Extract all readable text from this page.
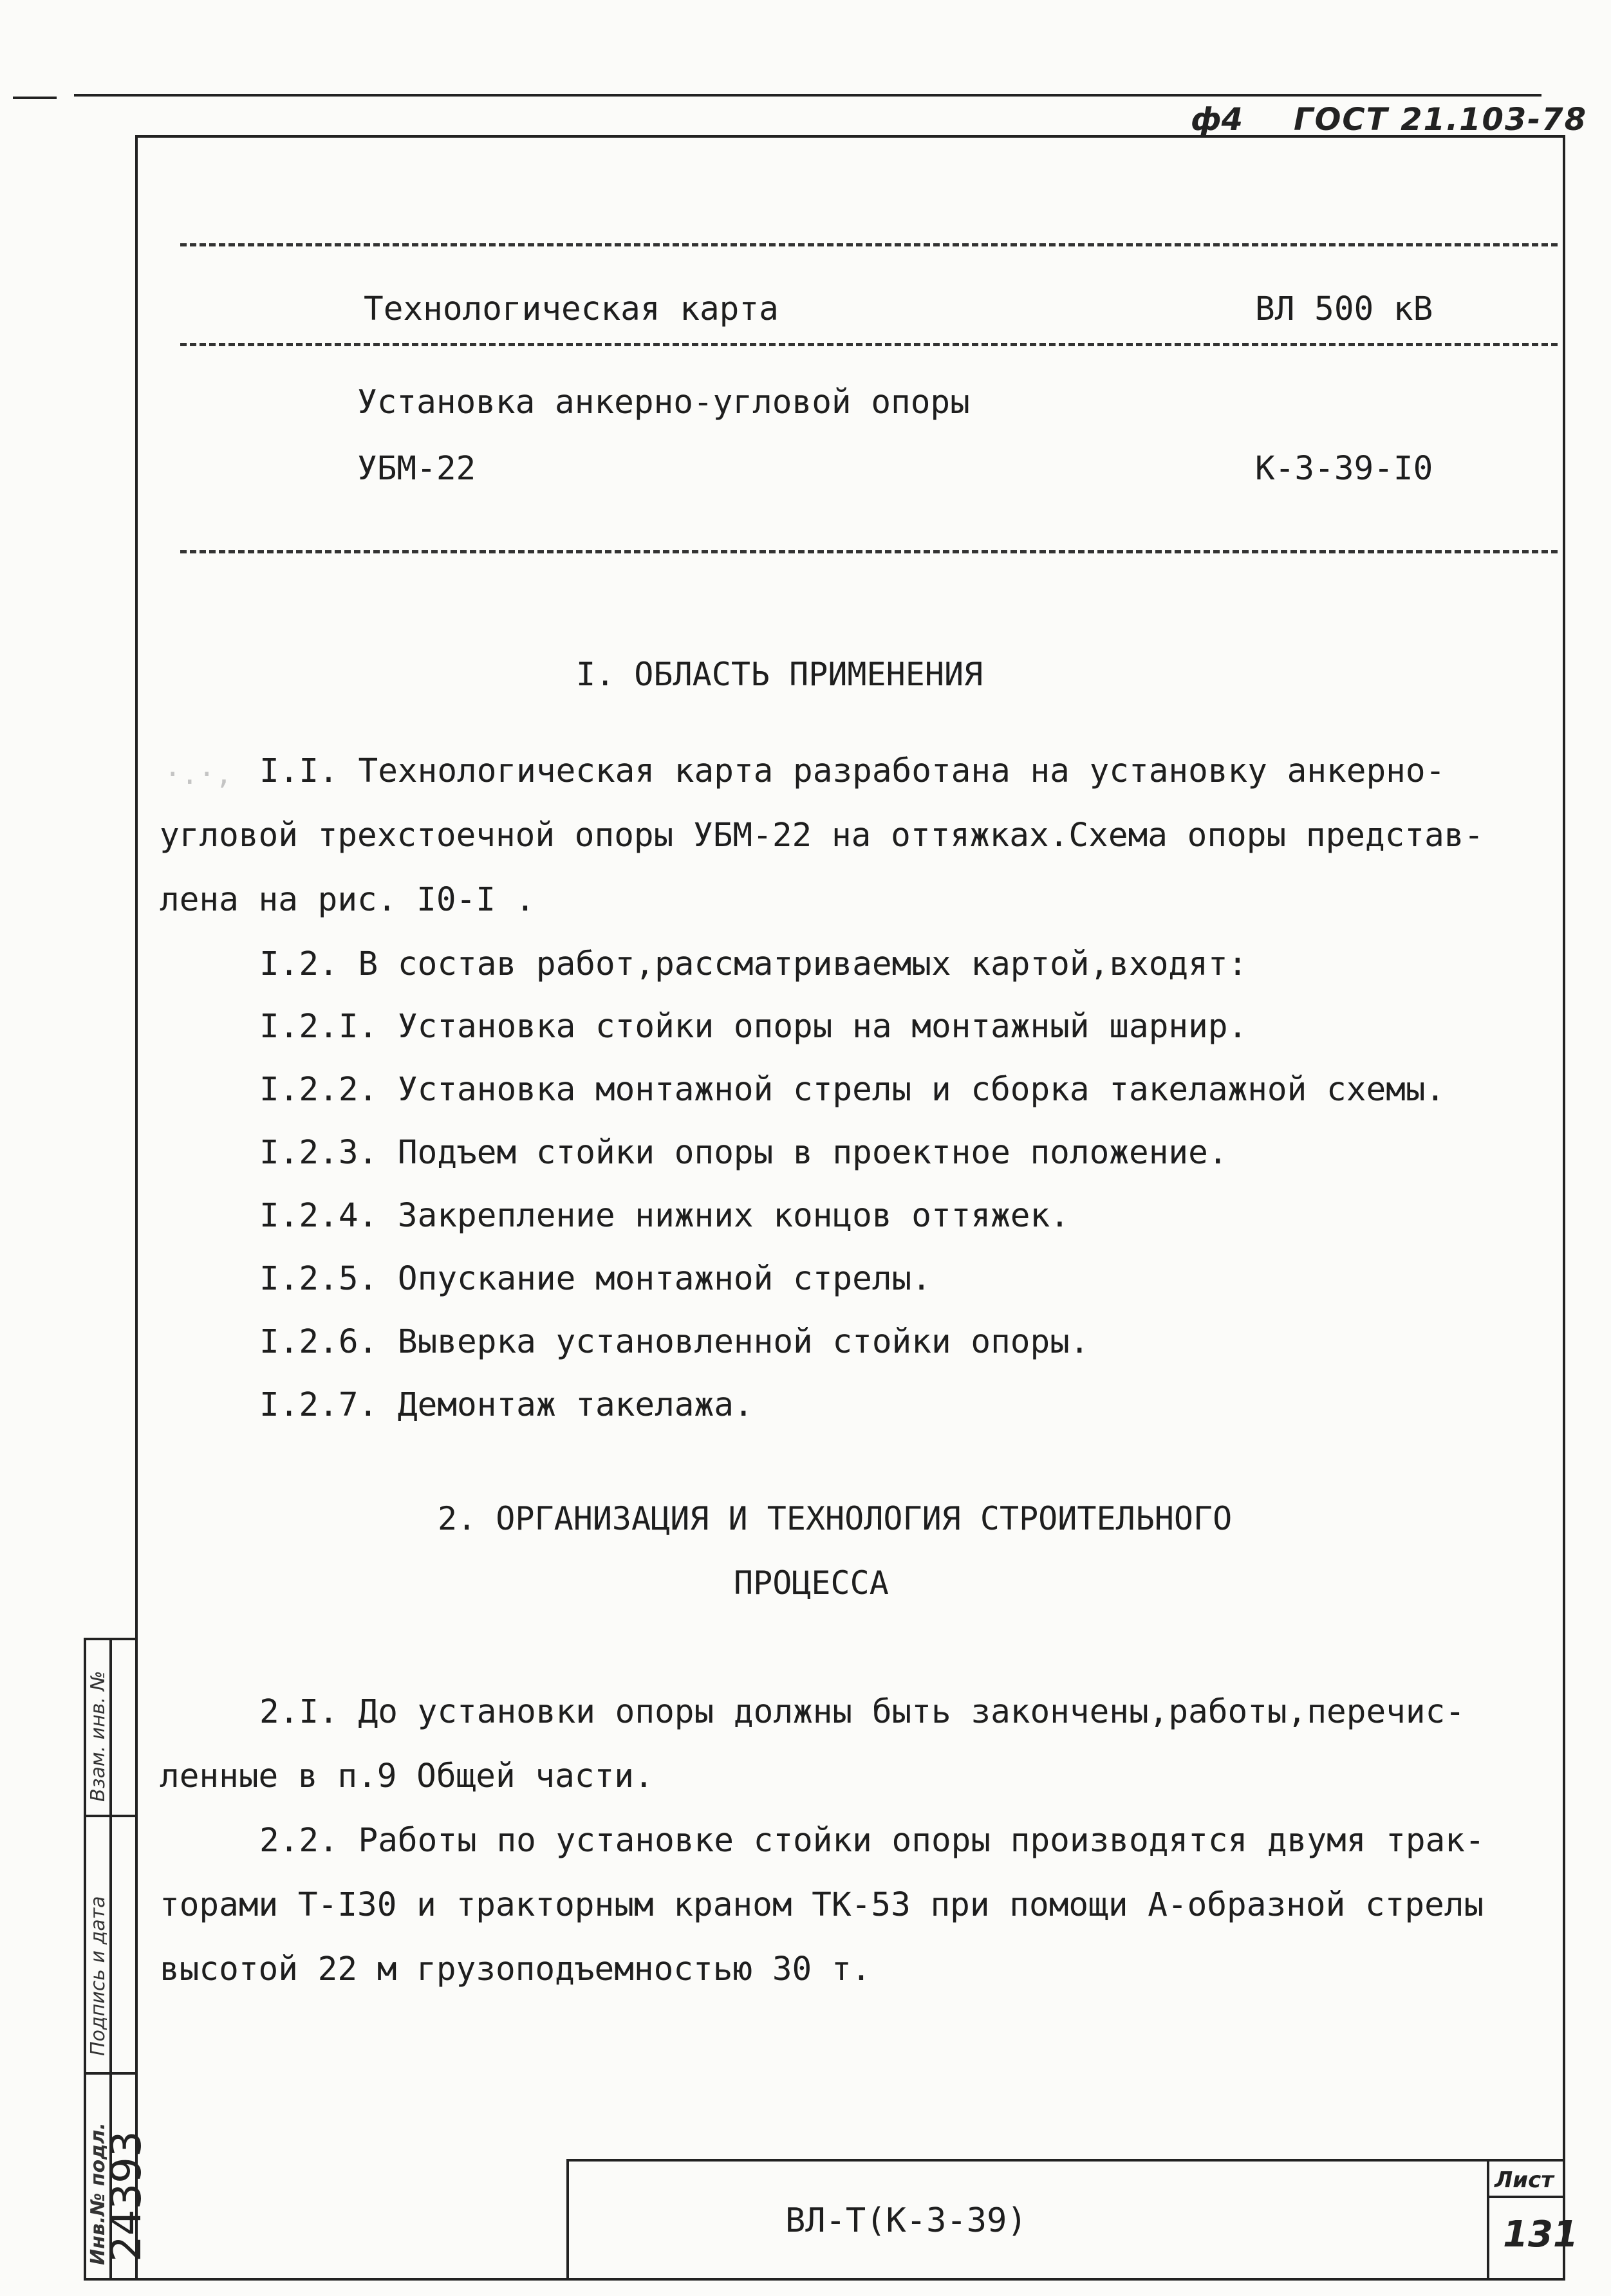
ф4 ГОСТ 21.103-78
Технологическая карта	ВЛ 500 кВ
Установка анкерно-угловой опоры
УБМ-22	К-3-39-I0
I. ОБЛАСТЬ ПРИМЕНЕНИЯ
·.·, I.I. Технологическая карта разработана на установку анкерно-
угловой трехстоечной опоры УБМ-22 на оттяжках.Схема опоры представ-
лена на рис. I0-I .
I.2. В состав работ,рассматриваемых картой,входят:
I.2.I. Установка стойки опоры на монтажный шарнир.
I.2.2. Установка монтажной стрелы и сборка такелажной схемы.
I.2.3. Подъем стойки опоры в проектное положение.
I.2.4. Закрепление нижних концов оттяжек.
I.2.5. Опускание монтажной стрелы.
I.2.6. Выверка установленной стойки опоры.
I.2.7. Демонтаж такелажа.
2. ОРГАНИЗАЦИЯ И ТЕХНОЛОГИЯ СТРОИТЕЛЬНОГО
ПРОЦЕССА
2.I. До установки опоры должны быть закончены,работы,перечис-
ленные в п.9 Общей части.
2.2. Работы по установке стойки опоры производятся двумя трак-
торами Т-I30 и тракторным краном ТК-53 при помощи А-образной стрелы
высотой 22 м грузоподъемностью 30 т.
Взам. инв. №
Подпись и дата
Инв.№ подл.
24393	ВЛ-Т(К-3-39)
Лист
131
